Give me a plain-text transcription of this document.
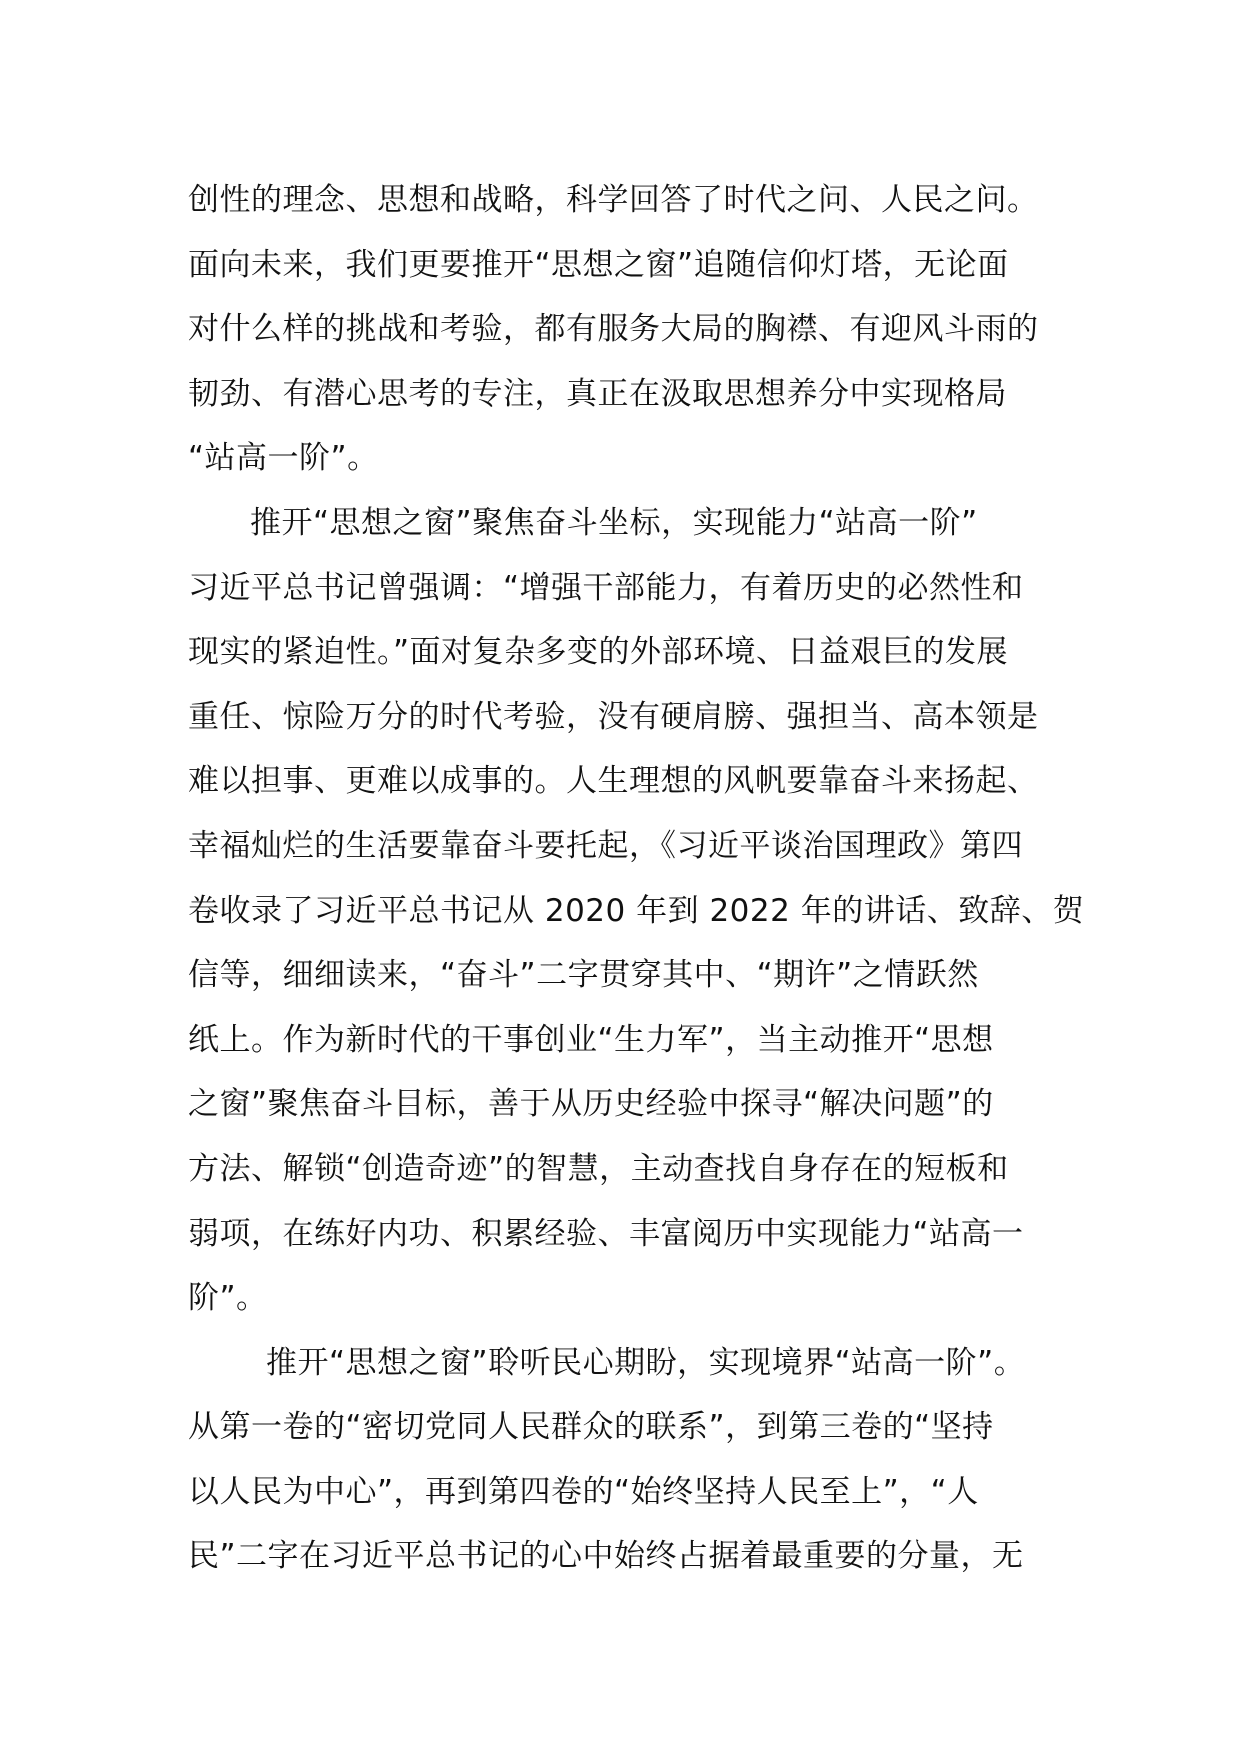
创性的理念、思想和战略，科学回答了时代之问、人民之问。
面向未来，我们更要推开“思想之窗”追随信仰灯塔，无论面
对什么样的挑战和考验，都有服务大局的胸襟、有迎风斗雨的
韧劲、有潜心思考的专注，真正在汲取思想养分中实现格局
“站高一阶”。
推开“思想之窗”聚焦奋斗坐标，实现能力“站高一阶”
习近平总书记曾强调：“增强干部能力，有着历史的必然性和
现实的紧迫性。”面对复杂多变的外部环境、日益艰巨的发展
重任、惊险万分的时代考验，没有硬肩膀、强担当、高本领是
难以担事、更难以成事的。人生理想的风帆要靠奋斗来扬起、
幸福灿烂的生活要靠奋斗要托起，《习近平谈治国理政》第四
卷收录了习近平总书记从 2020 年到 2022 年的讲话、致辞、贺
信等，细细读来，“奋斗”二字贯穿其中、“期许”之情跃然
纸上。作为新时代的干事创业“生力军”，当主动推开“思想
之窗”聚焦奋斗目标，善于从历史经验中探寻“解决问题”的
方法、解锁“创造奇迹”的智慧，主动查找自身存在的短板和
弱项，在练好内功、积累经验、丰富阅历中实现能力“站高一
阶”。
推开“思想之窗”聆听民心期盼，实现境界“站高一阶”。
从第一卷的“密切党同人民群众的联系”，到第三卷的“坚持
以人民为中心”，再到第四卷的“始终坚持人民至上”，“人
民”二字在习近平总书记的心中始终占据着最重要的分量，无
